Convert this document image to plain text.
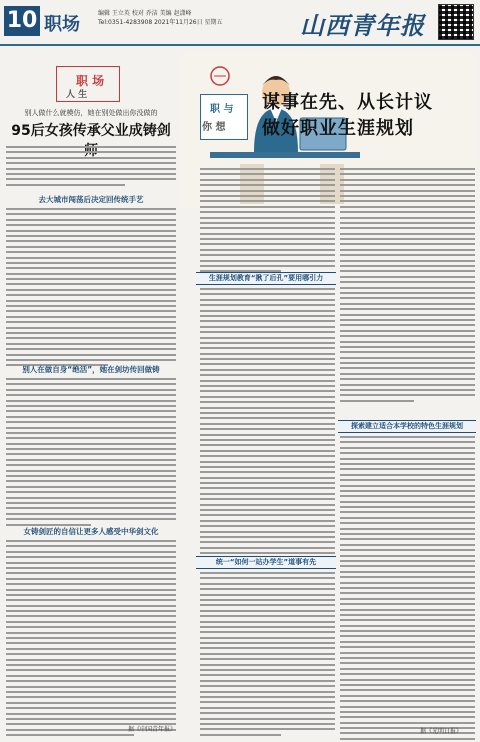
10 职场
编辑 王立英 校对 乔洁 美编 赵潇峰
Tel:0351-4283908 2021年11月26日 星期五	山西青年报
职 场
人 生
别人做什么就模仿，她在别处做出你没做的
95后女孩传承父业成铸剑
去大城市闯荡后决定回传统手艺
别人在做自身“绝活”，她在剑坊传回做铸
女铸剑匠的自信让更多人感受中华剑文化
据《中国青年报》
职 与
你 想
谋事在先、从长计议
做好职业生涯规划
生涯规划教育“揪了后孔”要用哪引力
统一“如何一站办学生”道事有先
探索建立适合本学校的特色生涯规划
据《光明日报》
